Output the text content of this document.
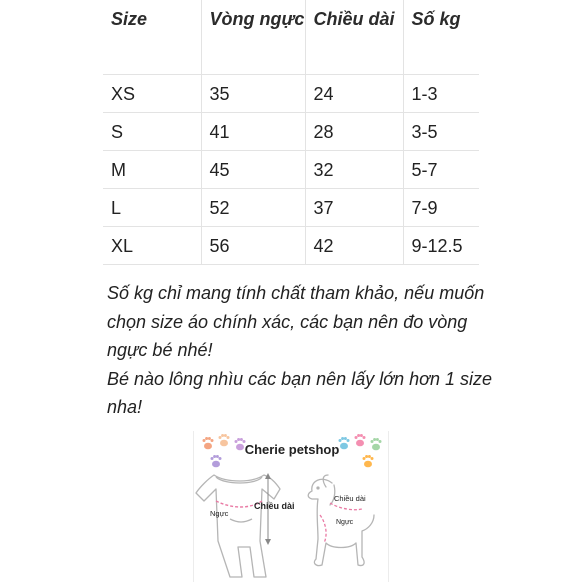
Size	Vòng ngực	Chiều dài	Số kg
XS	35	24	1-3
S	41	28	3-5
M	45	32	5-7
L	52	37	7-9
XL	56	42	9-12.5

Số kg chỉ mang tính chất tham khảo, nếu muốn chọn size áo chính xác, các bạn nên đo vòng ngực bé nhé!

Bé nào lông nhìu các bạn nên lấy lớn hơn 1 size nha!

Cherie petshop
Ngực
Chiều dài
Chiều dài
Ngực
